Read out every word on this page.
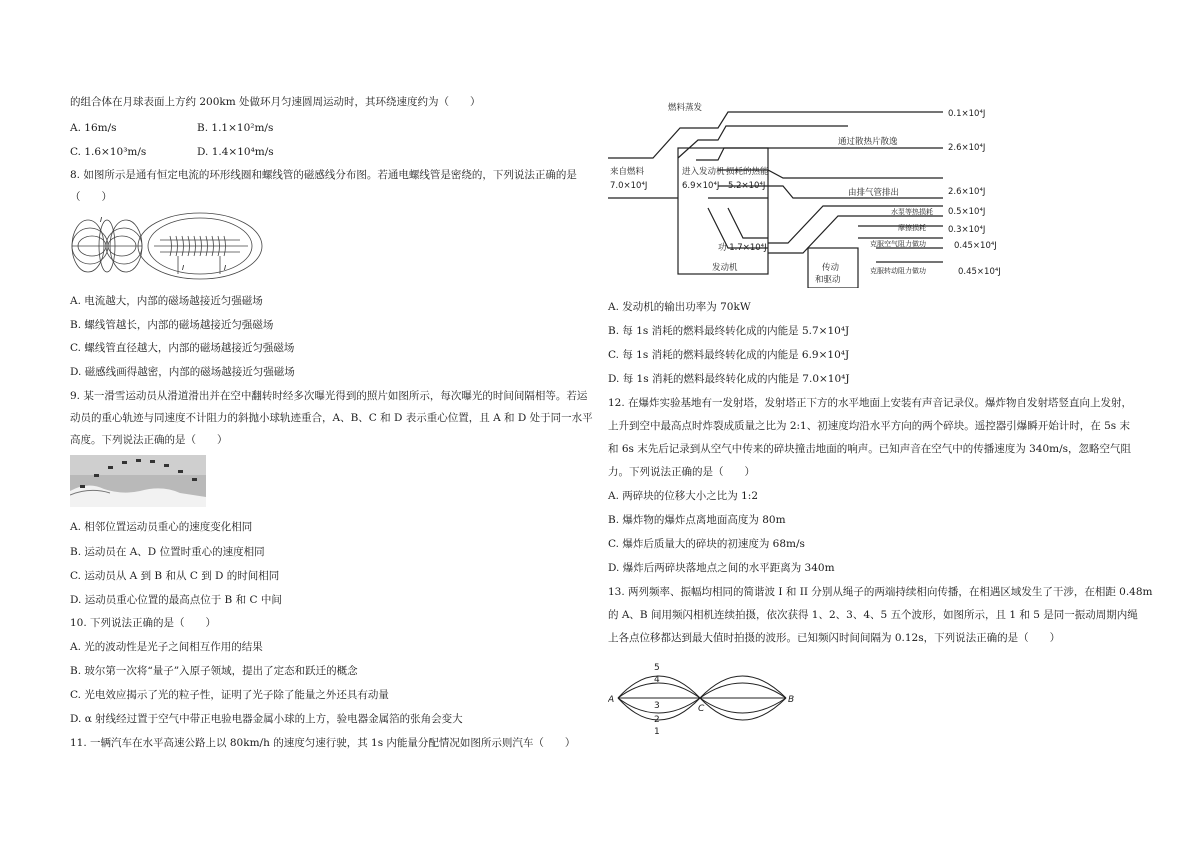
的组合体在月球表面上方约 200km 处做环月匀速圆周运动时，其环绕速度约为（　　）
A. 16m/s	B. 1.1×10²m/s
C. 1.6×10³m/s	D. 1.4×10⁴m/s
8. 如图所示是通有恒定电流的环形线圈和螺线管的磁感线分布图。若通电螺线管是密绕的，下列说法正确的是
（　　）
I
I	I
A. 电流越大，内部的磁场越接近匀强磁场
B. 螺线管越长，内部的磁场越接近匀强磁场
C. 螺线管直径越大，内部的磁场越接近匀强磁场
D. 磁感线画得越密，内部的磁场越接近匀强磁场
9. 某一滑雪运动员从滑道滑出并在空中翻转时经多次曝光得到的照片如图所示，每次曝光的时间间隔相等。若运
动员的重心轨迹与同速度不计阻力的斜抛小球轨迹重合，A、B、C 和 D 表示重心位置，且 A 和 D 处于同一水平
高度。下列说法正确的是（　　）
A. 相邻位置运动员重心的速度变化相同
B. 运动员在 A、D 位置时重心的速度相同
C. 运动员从 A 到 B 和从 C 到 D 的时间相同
D. 运动员重心位置的最高点位于 B 和 C 中间
10. 下列说法正确的是（　　）
A. 光的波动性是光子之间相互作用的结果
B. 玻尔第一次将“量子”入原子领域，提出了定态和跃迁的概念
C. 光电效应揭示了光的粒子性，证明了光子除了能量之外还具有动量
D. α 射线经过置于空气中带正电验电器金属小球的上方，验电器金属箔的张角会变大
11. 一辆汽车在水平高速公路上以 80km/h 的速度匀速行驶，其 1s 内能量分配情况如图所示则汽车（　　）
燃料蒸发
0.1×10⁴J
来自燃料
7.0×10⁴J
进入发动机
6.9×10⁴J
损耗的热能
5.2×10⁴J
通过散热片散逸
2.6×10⁴J
由排气管排出	2.6×10⁴J
水泵等热损耗 0.5×10⁴J
摩擦损耗	0.3×10⁴J
克服空气阻力做功	0.45×10⁴J
克服转动阻力做功	0.45×10⁴J
功 1.7×10⁴J
发动机	传动
和驱动
A. 发动机的输出功率为 70kW
B. 每 1s 消耗的燃料最终转化成的内能是 5.7×10⁴J
C. 每 1s 消耗的燃料最终转化成的内能是 6.9×10⁴J
D. 每 1s 消耗的燃料最终转化成的内能是 7.0×10⁴J
12. 在爆炸实验基地有一发射塔，发射塔正下方的水平地面上安装有声音记录仪。爆炸物自发射塔竖直向上发射，
上升到空中最高点时炸裂成质量之比为 2:1、初速度均沿水平方向的两个碎块。遥控器引爆瞬开始计时，在 5s 末
和 6s 末先后记录到从空气中传来的碎块撞击地面的响声。已知声音在空气中的传播速度为 340m/s，忽略空气阻
力。下列说法正确的是（　　）
A. 两碎块的位移大小之比为 1:2
B. 爆炸物的爆炸点离地面高度为 80m
C. 爆炸后质量大的碎块的初速度为 68m/s
D. 爆炸后两碎块落地点之间的水平距离为 340m
13. 两列频率、振幅均相同的简谐波 I 和 II 分别从绳子的两端持续相向传播，在相遇区域发生了干涉，在相距 0.48m
的 A、B 间用频闪相机连续拍摄，依次获得 1、2、3、4、5 五个波形，如图所示，且 1 和 5 是同一振动周期内绳
上各点位移都达到最大值时拍摄的波形。已知频闪时间间隔为 0.12s，下列说法正确的是（　　）
A	B
C
5
4
3
2
1
